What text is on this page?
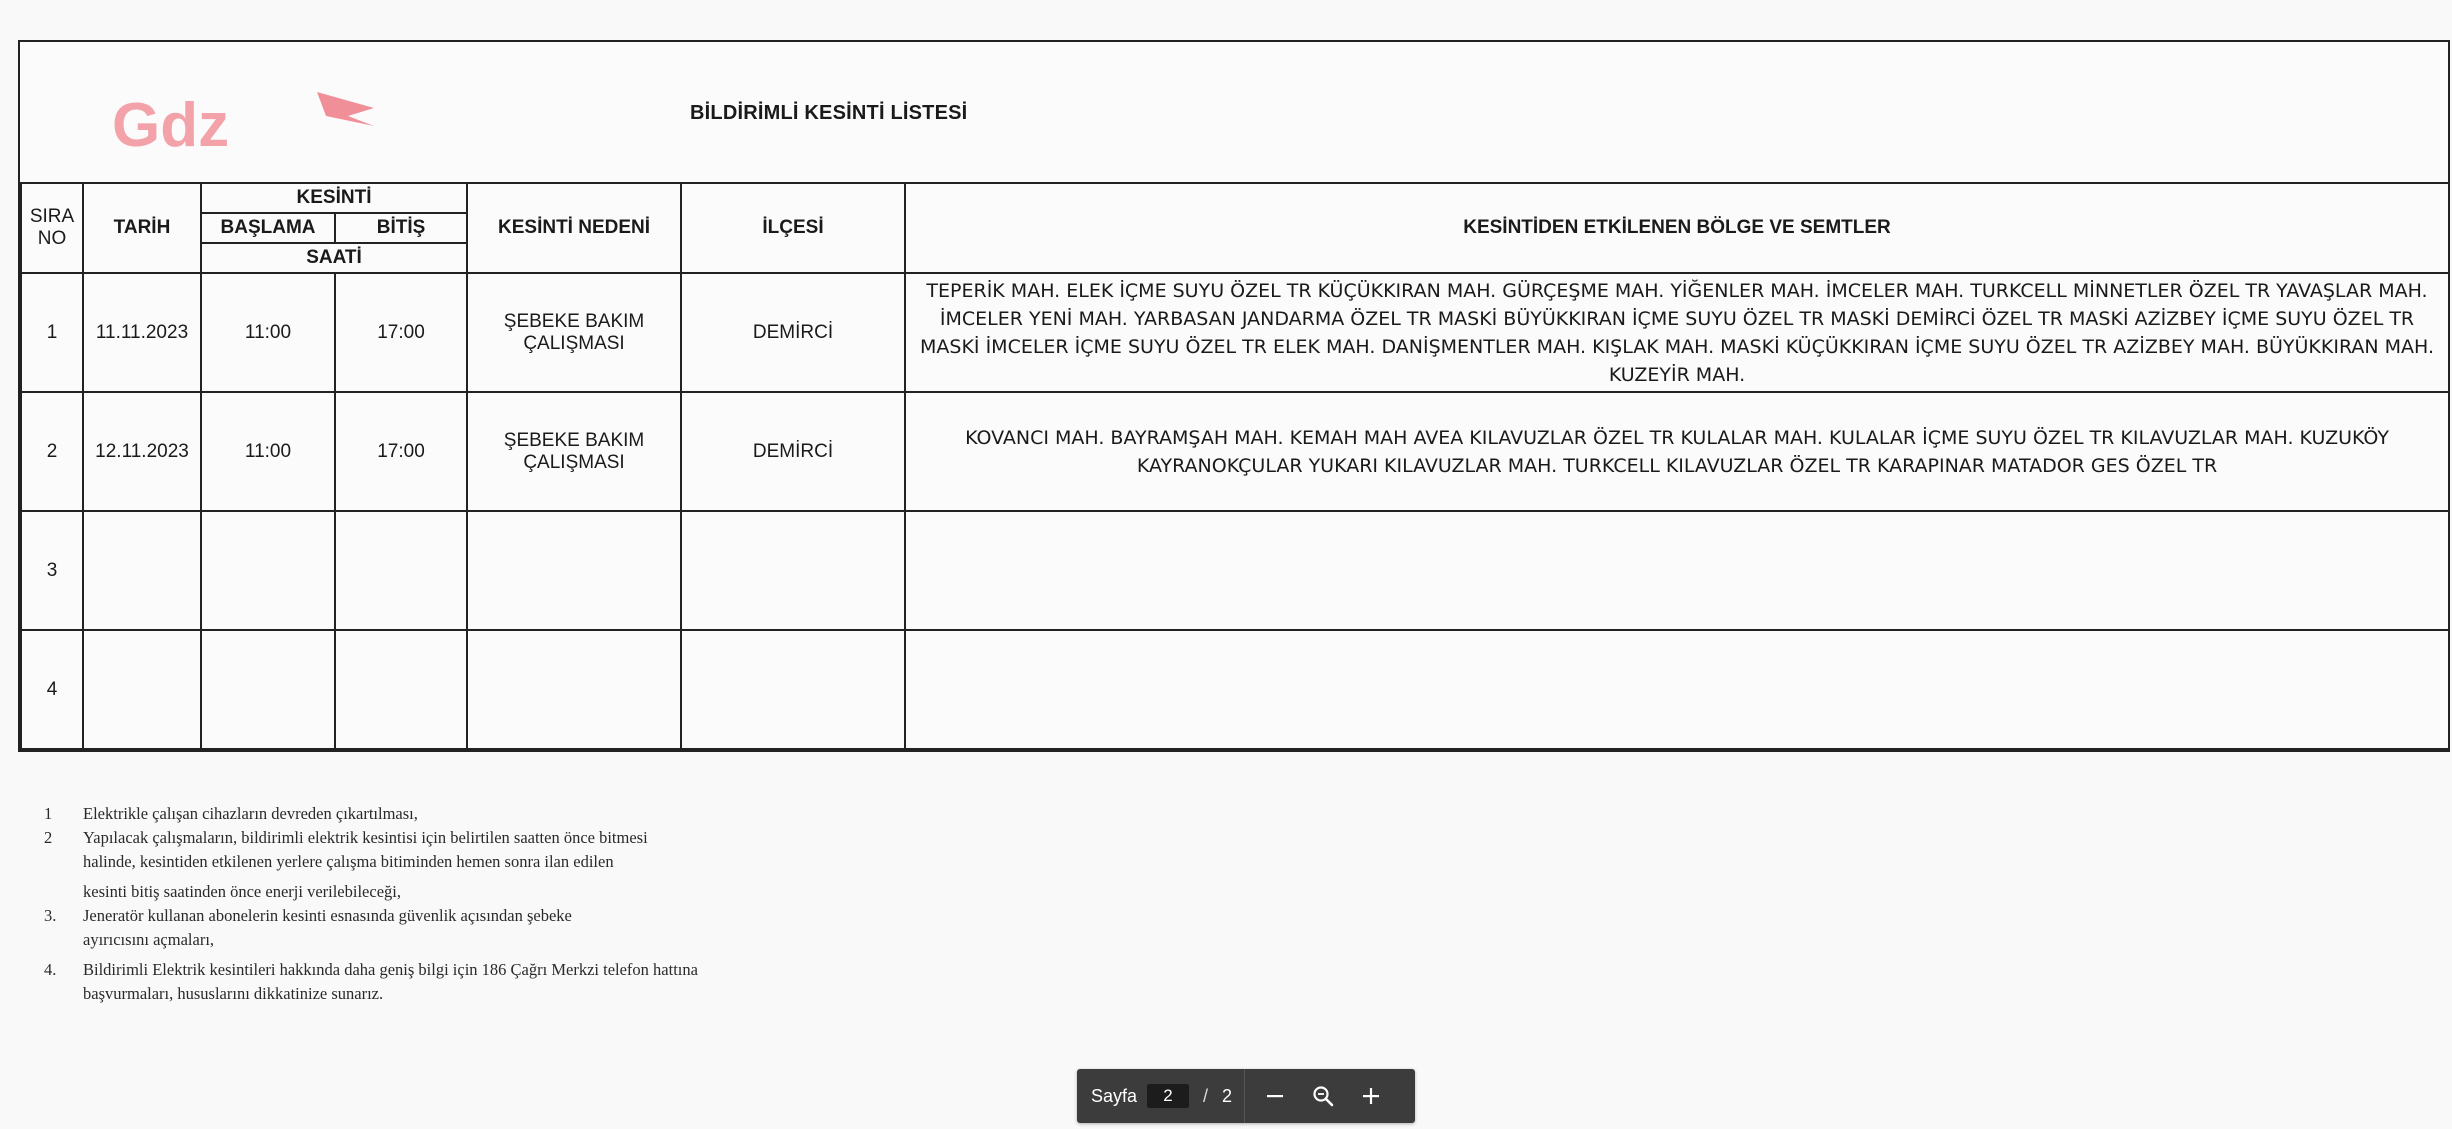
Gdz	BİLDİRİMLİ KESİNTİ LİSTESİ
SIRA NO	TARİH	KESİNTİ		KESİNTİ NEDENİ	İLÇESİ	KESİNTİDEN ETKİLENEN BÖLGE VE SEMTLER
		BAŞLAMA	BİTİŞ			
		SAATİ				
1	11.11.2023	11:00	17:00	ŞEBEKE BAKIM ÇALIŞMASI	DEMİRCİ	TEPERİK MAH. ELEK İÇME SUYU ÖZEL TR KÜÇÜKKIRAN MAH. GÜRÇEŞME MAH. YİĞENLER MAH. İMCELER MAH. TURKCELL MİNNETLER ÖZEL TR YAVAŞLAR MAH. İMCELER YENİ MAH. YARBASAN JANDARMA ÖZEL TR MASKİ BÜYÜKKIRAN İÇME SUYU ÖZEL TR MASKİ DEMİRCİ ÖZEL TR MASKİ AZİZBEY İÇME SUYU ÖZEL TR MASKİ İMCELER İÇME SUYU ÖZEL TR ELEK MAH. DANİŞMENTLER MAH. KIŞLAK MAH. MASKİ KÜÇÜKKIRAN İÇME SUYU ÖZEL TR AZİZBEY MAH. BÜYÜKKIRAN MAH. KUZEYİR MAH.
2	12.11.2023	11:00	17:00	ŞEBEKE BAKIM ÇALIŞMASI	DEMİRCİ	KOVANCI MAH. BAYRAMŞAH MAH. KEMAH MAH AVEA KILAVUZLAR ÖZEL TR KULALAR MAH. KULALAR İÇME SUYU ÖZEL TR KILAVUZLAR MAH. KUZUKÖY KAYRANOKÇULAR YUKARI KILAVUZLAR MAH. TURKCELL KILAVUZLAR ÖZEL TR KARAPINAR MATADOR GES ÖZEL TR
3						
4						
1	Elektrikle çalışan cihazların devreden çıkartılması,
2	Yapılacak çalışmaların, bildirimli elektrik kesintisi için belirtilen saatten önce bitmesi
halinde, kesintiden etkilenen yerlere çalışma bitiminden hemen sonra ilan edilen
kesinti bitiş saatinden önce enerji verilebileceği,
3.	Jeneratör kullanan abonelerin kesinti esnasında güvenlik açısından şebeke
ayırıcısını açmaları,
4.	Bildirimli Elektrik kesintileri hakkında daha geniş bilgi için 186 Çağrı Merkzi telefon hattına
başvurmaları, hususlarını dikkatinize sunarız.
Sayfa
2	/ 2
